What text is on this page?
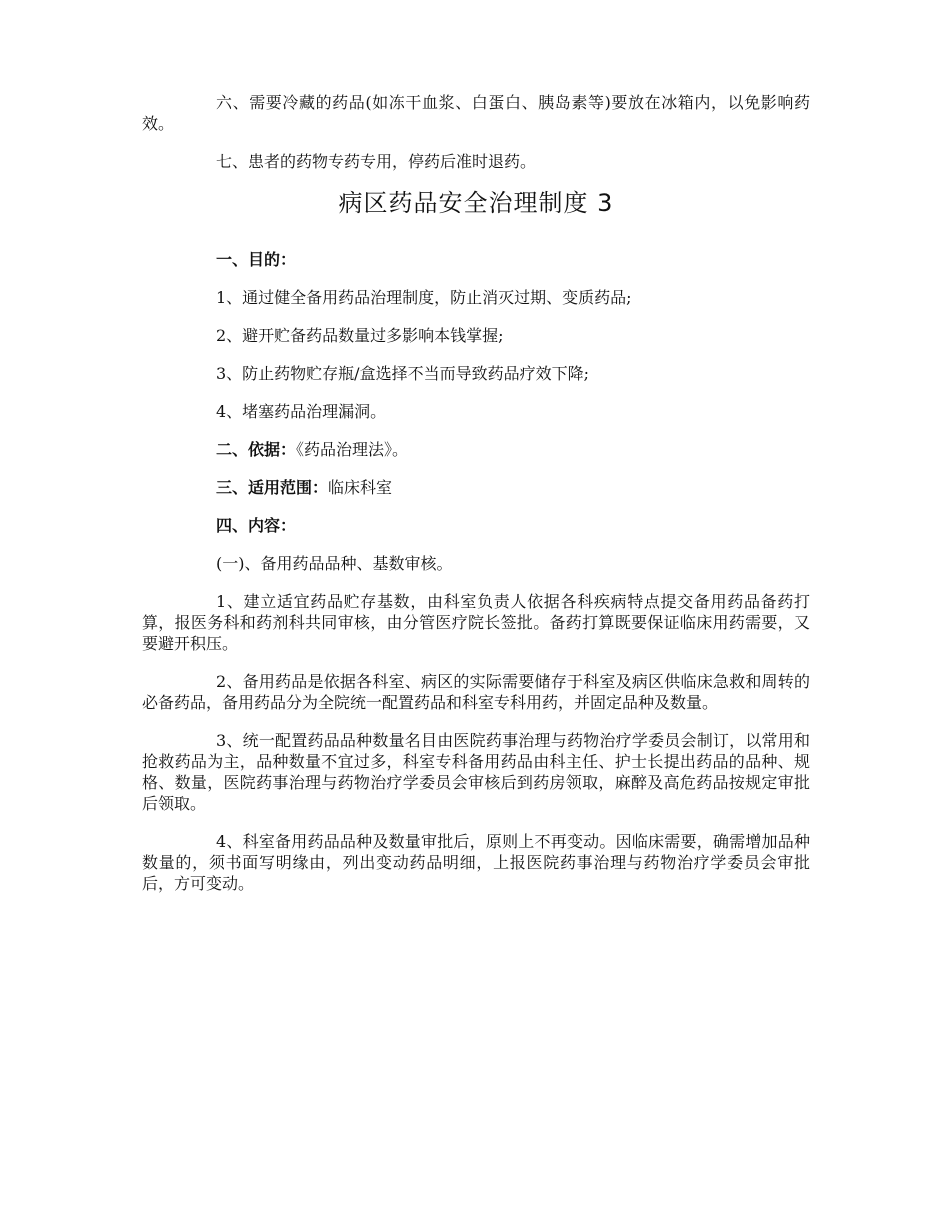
六、需要冷藏的药品(如冻干血浆、白蛋白、胰岛素等)要放在冰箱内，以免影响药效。

七、患者的药物专药专用，停药后准时退药。

病区药品安全治理制度 3

一、目的：

1、通过健全备用药品治理制度，防止消灭过期、变质药品;

2、避开贮备药品数量过多影响本钱掌握;

3、防止药物贮存瓶/盒选择不当而导致药品疗效下降;

4、堵塞药品治理漏洞。

二、依据：《药品治理法》。

三、适用范围：临床科室

四、内容：

(一)、备用药品品种、基数审核。

1、建立适宜药品贮存基数，由科室负责人依据各科疾病特点提交备用药品备药打算，报医务科和药剂科共同审核，由分管医疗院长签批。备药打算既要保证临床用药需要，又要避开积压。

2、备用药品是依据各科室、病区的实际需要储存于科室及病区供临床急救和周转的必备药品，备用药品分为全院统一配置药品和科室专科用药，并固定品种及数量。

3、统一配置药品品种数量名目由医院药事治理与药物治疗学委员会制订，以常用和抢救药品为主，品种数量不宜过多，科室专科备用药品由科主任、护士长提出药品的品种、规格、数量，医院药事治理与药物治疗学委员会审核后到药房领取，麻醉及高危药品按规定审批后领取。

4、科室备用药品品种及数量审批后，原则上不再变动。因临床需要，确需增加品种数量的，须书面写明缘由，列出变动药品明细，上报医院药事治理与药物治疗学委员会审批后，方可变动。
